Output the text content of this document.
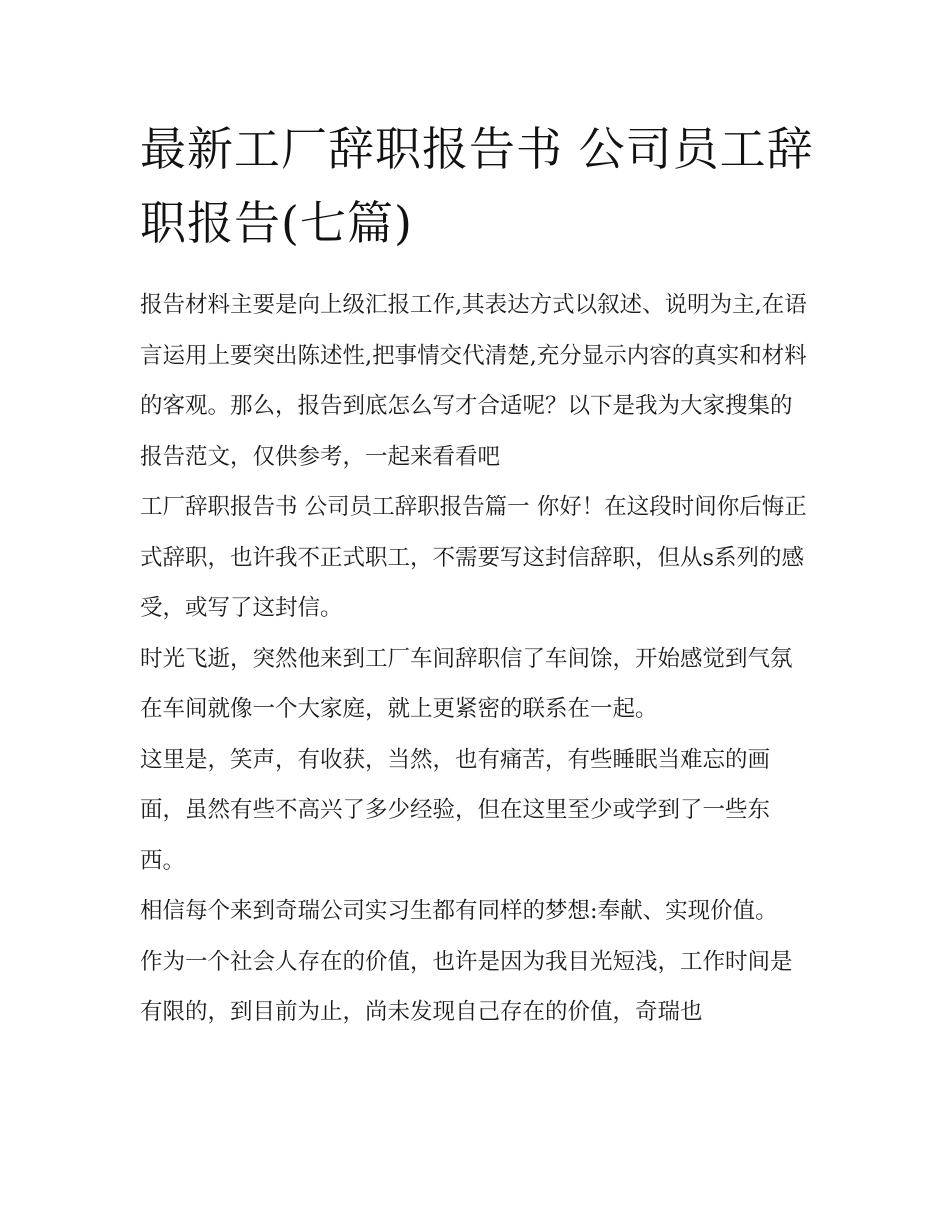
最新工厂辞职报告书 公司员工辞职报告(七篇)

报告材料主要是向上级汇报工作,其表达方式以叙述、说明为主,在语言运用上要突出陈述性,把事情交代清楚,充分显示内容的真实和材料的客观。那么，报告到底怎么写才合适呢？以下是我为大家搜集的报告范文，仅供参考，一起来看看吧

工厂辞职报告书 公司员工辞职报告篇一 你好！在这段时间你后悔正式辞职，也许我不正式职工，不需要写这封信辞职，但从s系列的感受，或写了这封信。

时光飞逝，突然他来到工厂车间辞职信了车间馀，开始感觉到气氛在车间就像一个大家庭，就上更紧密的联系在一起。

这里是，笑声，有收获，当然，也有痛苦，有些睡眠当难忘的画面，虽然有些不高兴了多少经验，但在这里至少或学到了一些东西。

相信每个来到奇瑞公司实习生都有同样的梦想:奉献、实现价值。

作为一个社会人存在的价值，也许是因为我目光短浅，工作时间是有限的，到目前为止，尚未发现自己存在的价值，奇瑞也
